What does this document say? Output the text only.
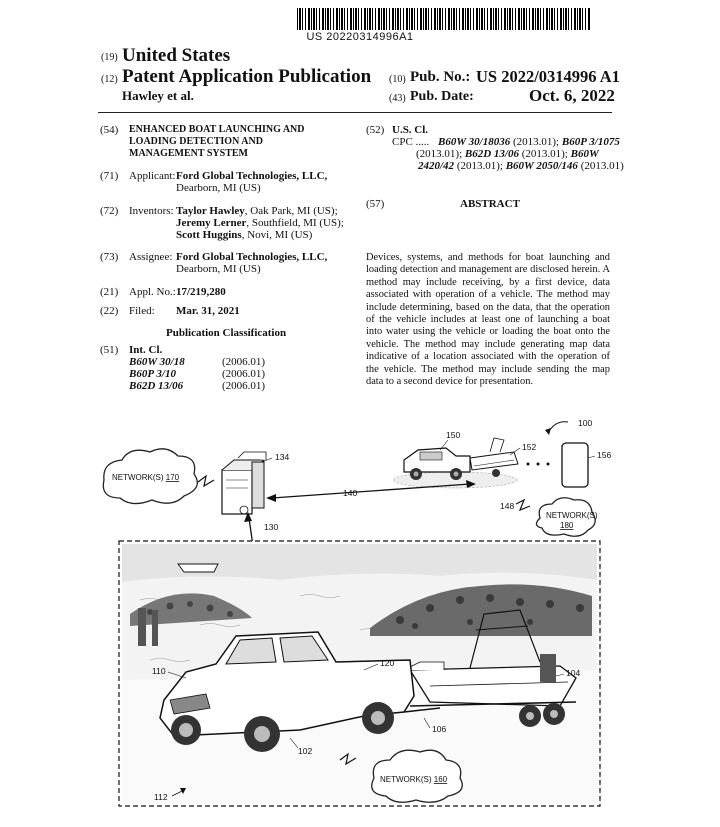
US 20220314996A1
(19) United States
(12) Patent Application Publication
Hawley et al.
(10) Pub. No.: US 2022/0314996 A1
(43) Pub. Date:	Oct. 6, 2022
(54) ENHANCED BOAT LAUNCHING AND
LOADING DETECTION AND
MANAGEMENT SYSTEM
(71) Applicant: Ford Global Technologies, LLC,
Dearborn, MI (US)
(72) Inventors: Taylor Hawley, Oak Park, MI (US);
Jeremy Lerner, Southfield, MI (US);
Scott Huggins, Novi, MI (US)
(73) Assignee: Ford Global Technologies, LLC,
Dearborn, MI (US)
(21) Appl. No.: 17/219,280
(22) Filed: Mar. 31, 2021
Publication Classification
(51) Int. Cl.
B60W 30/18	(2006.01)
B60P 3/10	(2006.01)
B62D 13/06	(2006.01)
(52) U.S. Cl.
CPC ..... B60W 30/18036 (2013.01); B60P 3/1075
(2013.01); B62D 13/06 (2013.01); B60W
2420/42 (2013.01); B60W 2050/146 (2013.01)
(57)	ABSTRACT
Devices, systems, and methods for boat launching and loading detection and management are disclosed herein. A method may include receiving, by a first device, data associated with operation of a vehicle. The method may include determining, based on the data, that the operation of the vehicle includes at least one of launching a boat into water using the vehicle or loading the boat onto the vehicle. The method may include generating map data indicative of a location associated with the operation of the vehicle. The method may include sending the map data to a second device for presentation.
100
150
152
156
NETWORK(S) 170
134
140
148
NETWORK(S)
180
130
110
120
104
106
102
NETWORK(S) 160
112
